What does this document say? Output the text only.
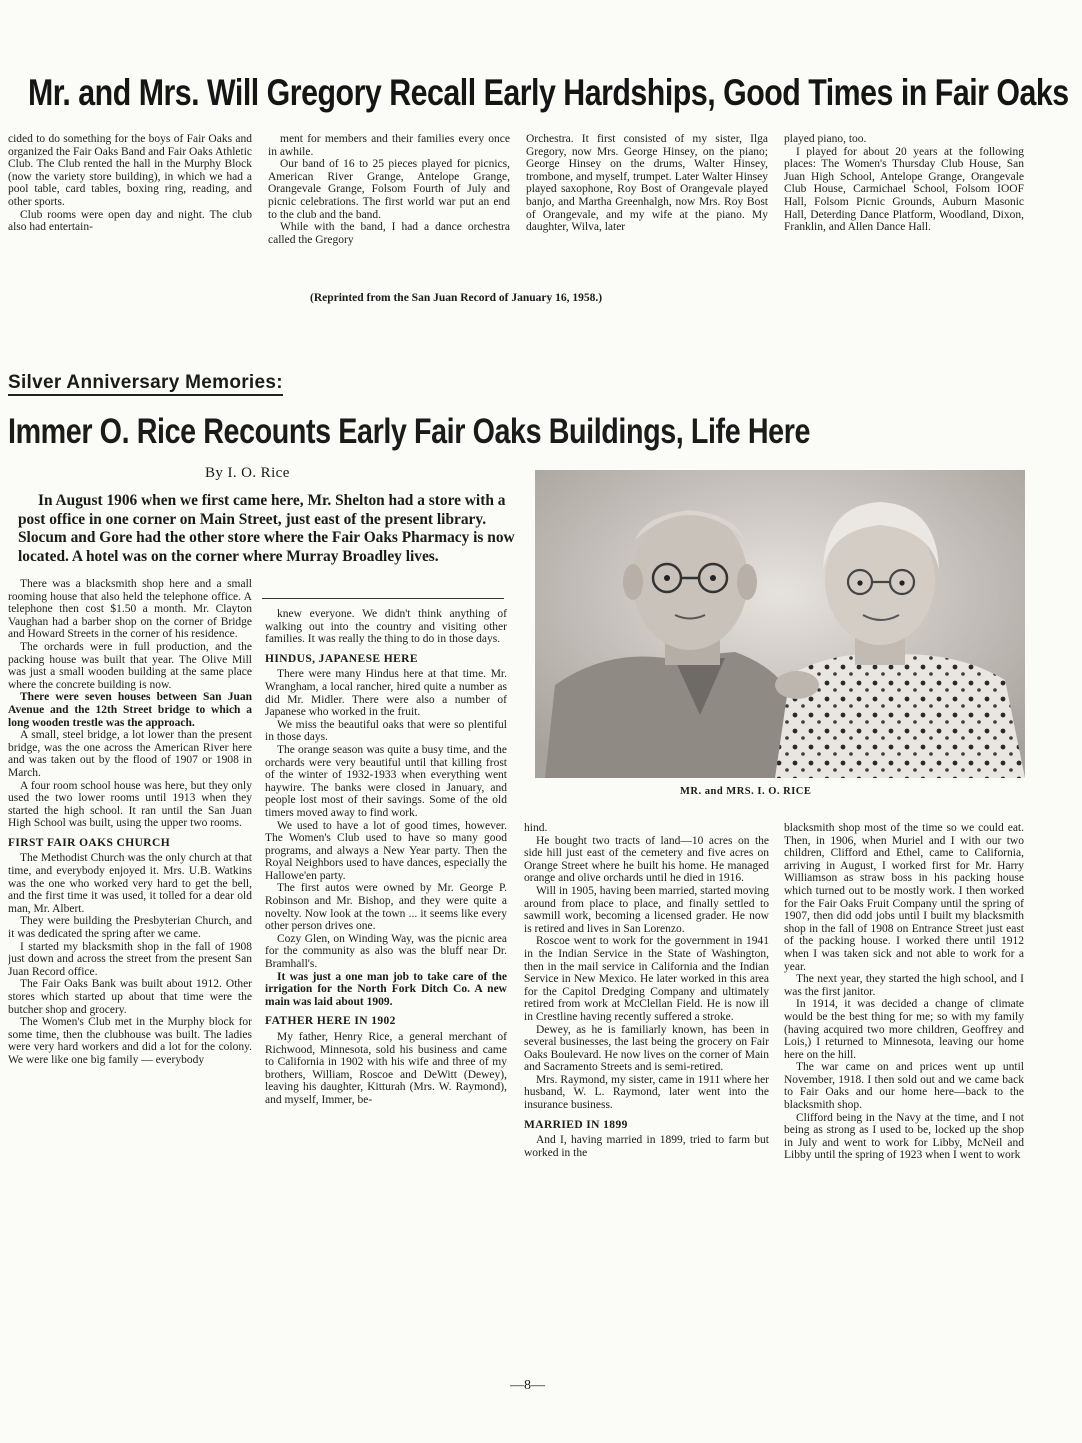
Mr. and Mrs. Will Gregory Recall Early Hardships, Good Times in Fair Oaks

cided to do something for the boys of Fair Oaks and organized the Fair Oaks Band and Fair Oaks Athletic Club. The Club rented the hall in the Murphy Block (now the variety store building), in which we had a pool table, card tables, boxing ring, reading, and other sports.

Club rooms were open day and night. The club also had entertain-

ment for members and their families every once in awhile.

Our band of 16 to 25 pieces played for picnics, American River Grange, Antelope Grange, Orangevale Grange, Folsom Fourth of July and picnic celebrations. The first world war put an end to the club and the band.

While with the band, I had a dance orchestra called the Gregory

Orchestra. It first consisted of my sister, Ilga Gregory, now Mrs. George Hinsey, on the piano; George Hinsey on the drums, Walter Hinsey, trombone, and myself, trumpet. Later Walter Hinsey played saxophone, Roy Bost of Orangevale played banjo, and Martha Greenhalgh, now Mrs. Roy Bost of Orangevale, and my wife at the piano. My daughter, Wilva, later

played piano, too.

I played for about 20 years at the following places: The Women's Thursday Club House, San Juan High School, Antelope Grange, Orangevale Club House, Carmichael School, Folsom IOOF Hall, Folsom Picnic Grounds, Auburn Masonic Hall, Deterding Dance Platform, Woodland, Dixon, Franklin, and Allen Dance Hall.

(Reprinted from the San Juan Record of January 16, 1958.)
Silver Anniversary Memories:
Immer O. Rice Recounts Early Fair Oaks Buildings, Life Here
By I. O. Rice
In August 1906 when we first came here, Mr. Shelton had a store with a post office in one corner on Main Street, just east of the present library. Slocum and Gore had the other store where the Fair Oaks Pharmacy is now located. A hotel was on the corner where Murray Broadley lives.
MR. and MRS. I. O. RICE

There was a blacksmith shop here and a small rooming house that also held the telephone office. A telephone then cost $1.50 a month. Mr. Clayton Vaughan had a barber shop on the corner of Bridge and Howard Streets in the corner of his residence.

The orchards were in full production, and the packing house was built that year. The Olive Mill was just a small wooden building at the same place where the concrete building is now.

There were seven houses between San Juan Avenue and the 12th Street bridge to which a long wooden trestle was the approach.

A small, steel bridge, a lot lower than the present bridge, was the one across the American River here and was taken out by the flood of 1907 or 1908 in March.

A four room school house was here, but they only used the two lower rooms until 1913 when they started the high school. It ran until the San Juan High School was built, using the upper two rooms.

FIRST FAIR OAKS CHURCH

The Methodist Church was the only church at that time, and everybody enjoyed it. Mrs. U.B. Watkins was the one who worked very hard to get the bell, and the first time it was used, it tolled for a dear old man, Mr. Albert.

They were building the Presbyterian Church, and it was dedicated the spring after we came.

I started my blacksmith shop in the fall of 1908 just down and across the street from the present San Juan Record office.

The Fair Oaks Bank was built about 1912. Other stores which started up about that time were the butcher shop and grocery.

The Women's Club met in the Murphy block for some time, then the clubhouse was built. The ladies were very hard workers and did a lot for the colony. We were like one big family — everybody

knew everyone. We didn't think anything of walking out into the country and visiting other families. It was really the thing to do in those days.

HINDUS, JAPANESE HERE

There were many Hindus here at that time. Mr. Wrangham, a local rancher, hired quite a number as did Mr. Midler. There were also a number of Japanese who worked in the fruit.

We miss the beautiful oaks that were so plentiful in those days.

The orange season was quite a busy time, and the orchards were very beautiful until that killing frost of the winter of 1932-1933 when everything went haywire. The banks were closed in January, and people lost most of their savings. Some of the old timers moved away to find work.

We used to have a lot of good times, however. The Women's Club used to have so many good programs, and always a New Year party. Then the Royal Neighbors used to have dances, especially the Hallowe'en party.

The first autos were owned by Mr. George P. Robinson and Mr. Bishop, and they were quite a novelty. Now look at the town ... it seems like every other person drives one.

Cozy Glen, on Winding Way, was the picnic area for the community as also was the bluff near Dr. Bramhall's.

It was just a one man job to take care of the irrigation for the North Fork Ditch Co. A new main was laid about 1909.

FATHER HERE IN 1902

My father, Henry Rice, a general merchant of Richwood, Minnesota, sold his business and came to California in 1902 with his wife and three of my brothers, William, Roscoe and DeWitt (Dewey), leaving his daughter, Kitturah (Mrs. W. Raymond), and myself, Immer, be-

hind.

He bought two tracts of land—10 acres on the side hill just east of the cemetery and five acres on Orange Street where he built his home. He managed orange and olive orchards until he died in 1916.

Will in 1905, having been married, started moving around from place to place, and finally settled to sawmill work, becoming a licensed grader. He now is retired and lives in San Lorenzo.

Roscoe went to work for the government in 1941 in the Indian Service in the State of Washington, then in the mail service in California and the Indian Service in New Mexico. He later worked in this area for the Capitol Dredging Company and ultimately retired from work at McClellan Field. He is now ill in Crestline having recently suffered a stroke.

Dewey, as he is familiarly known, has been in several businesses, the last being the grocery on Fair Oaks Boulevard. He now lives on the corner of Main and Sacramento Streets and is semi-retired.

Mrs. Raymond, my sister, came in 1911 where her husband, W. L. Raymond, later went into the insurance business.

MARRIED IN 1899

And I, having married in 1899, tried to farm but worked in the

blacksmith shop most of the time so we could eat. Then, in 1906, when Muriel and I with our two children, Clifford and Ethel, came to California, arriving in August, I worked first for Mr. Harry Williamson as straw boss in his packing house which turned out to be mostly work. I then worked for the Fair Oaks Fruit Company until the spring of 1907, then did odd jobs until I built my blacksmith shop in the fall of 1908 on Entrance Street just east of the packing house. I worked there until 1912 when I was taken sick and not able to work for a year.

The next year, they started the high school, and I was the first janitor.

In 1914, it was decided a change of climate would be the best thing for me; so with my family (having acquired two more children, Geoffrey and Lois,) I returned to Minnesota, leaving our home here on the hill.

The war came on and prices went up until November, 1918. I then sold out and we came back to Fair Oaks and our home here—back to the blacksmith shop.

Clifford being in the Navy at the time, and I not being as strong as I used to be, locked up the shop in July and went to work for Libby, McNeil and Libby until the spring of 1923 when I went to work

—8—
